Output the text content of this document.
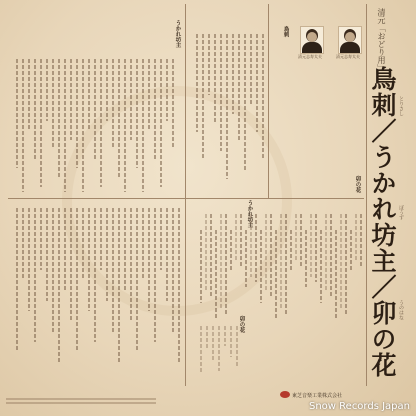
清元「おどり用」
鳥刺／うかれ坊主／卯の花 とりさし
ぼうず
うのはな
清元志寿太夫
清元志寿太夫
鳥刺
卯の花
うかれ坊主
うかれ坊主
卯の花
東芝音楽工業株式会社
Snow Records Japan
